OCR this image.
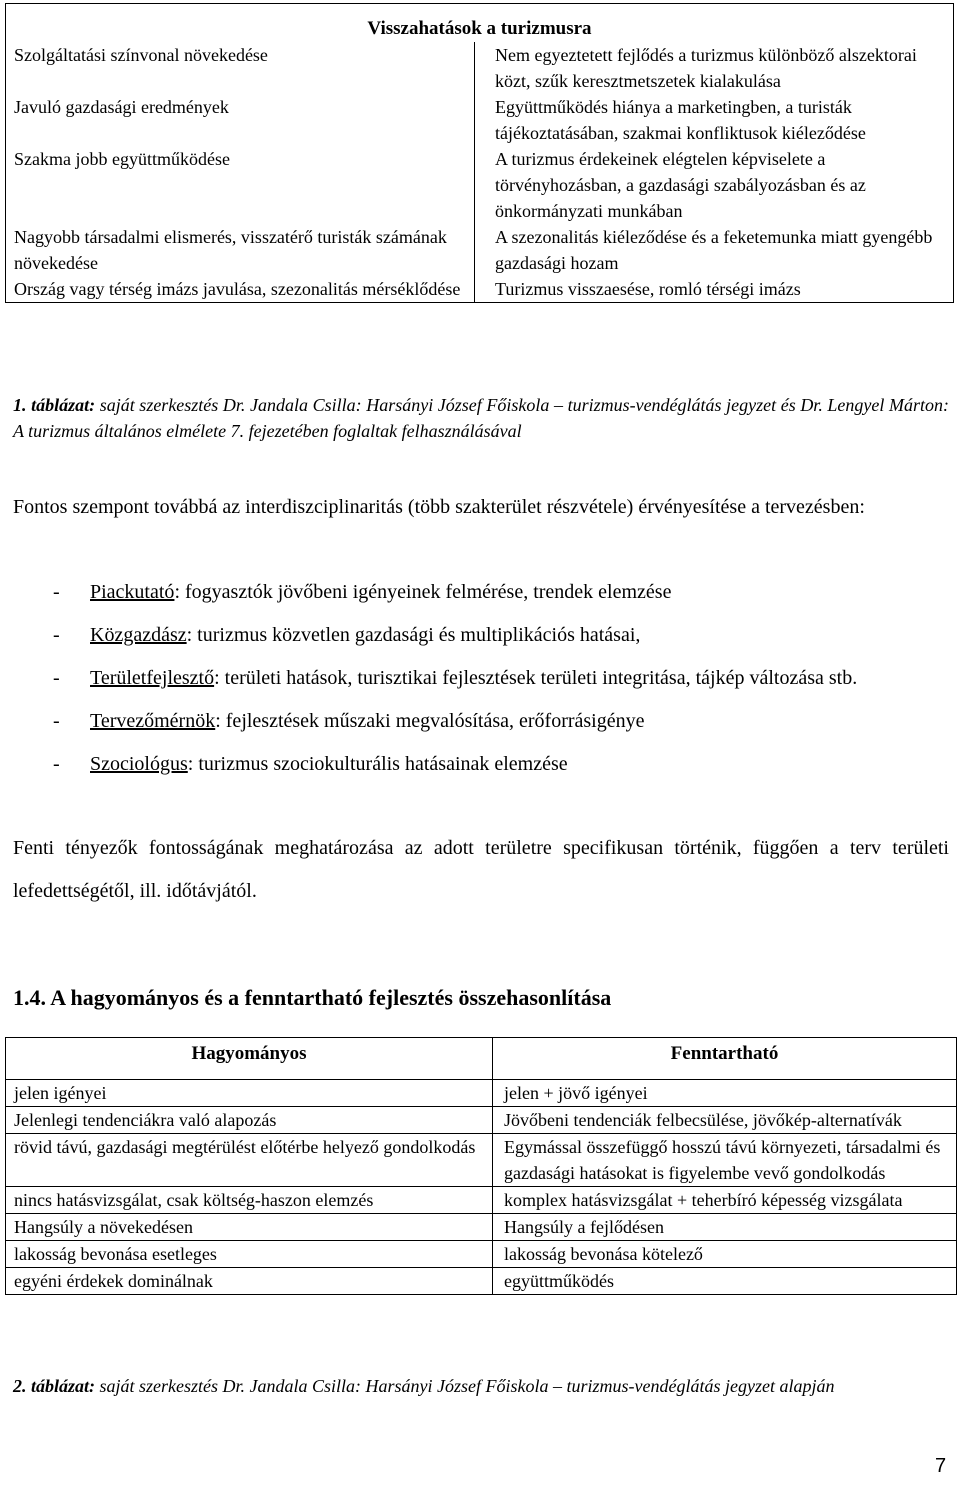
Visszahatások a turizmusra	
Szolgáltatási színvonal növekedése	Nem egyeztetett fejlődés a turizmus különböző alszektorai közt, szűk keresztmetszetek kialakulása
Javuló gazdasági eredmények	Együttműködés hiánya a marketingben, a turisták tájékoztatásában, szakmai konfliktusok kiéleződése
Szakma jobb együttműködése	A turizmus érdekeinek elégtelen képviselete a törvényhozásban, a gazdasági szabályozásban és az önkormányzati munkában
Nagyobb társadalmi elismerés, visszatérő turisták számának növekedése	A szezonalitás kiéleződése és a feketemunka miatt gyengébb gazdasági hozam
Ország vagy térség imázs javulása, szezonalitás mérséklődése	Turizmus visszaesése, romló térségi imázs
1. táblázat: saját szerkesztés Dr. Jandala Csilla: Harsányi József Főiskola – turizmus-vendéglátás jegyzet és Dr. Lengyel Márton: A turizmus általános elmélete 7. fejezetében foglaltak felhasználásával
Fontos szempont továbbá az interdiszciplinaritás (több szakterület részvétele) érvényesítése a tervezésben:
- Piackutató: fogyasztók jövőbeni igényeinek felmérése, trendek elemzése
- Közgazdász: turizmus közvetlen gazdasági és multiplikációs hatásai,
- Területfejlesztő: területi hatások, turisztikai fejlesztések területi integritása, tájkép változása stb.
- Tervezőmérnök: fejlesztések műszaki megvalósítása, erőforrásigénye
- Szociológus: turizmus szociokulturális hatásainak elemzése
Fenti tényezők fontosságának meghatározása az adott területre specifikusan történik, függően a terv területi lefedettségétől, ill. időtávjától.
1.4. A hagyományos és a fenntartható fejlesztés összehasonlítása
Hagyományos	Fenntartható

jelen igényei	jelen + jövő igényei
Jelenlegi tendenciákra való alapozás	Jövőbeni tendenciák felbecsülése, jövőkép-alternatívák
rövid távú, gazdasági megtérülést előtérbe helyező gondolkodás	Egymással összefüggő hosszú távú környezeti, társadalmi és gazdasági hatásokat is figyelembe vevő gondolkodás
nincs hatásvizsgálat, csak költség-haszon elemzés	komplex hatásvizsgálat + teherbíró képesség vizsgálata
Hangsúly a növekedésen	Hangsúly a fejlődésen
lakosság bevonása esetleges	lakosság bevonása kötelező
egyéni érdekek dominálnak	együttműködés
2. táblázat: saját szerkesztés Dr. Jandala Csilla: Harsányi József Főiskola – turizmus-vendéglátás jegyzet alapján
7
